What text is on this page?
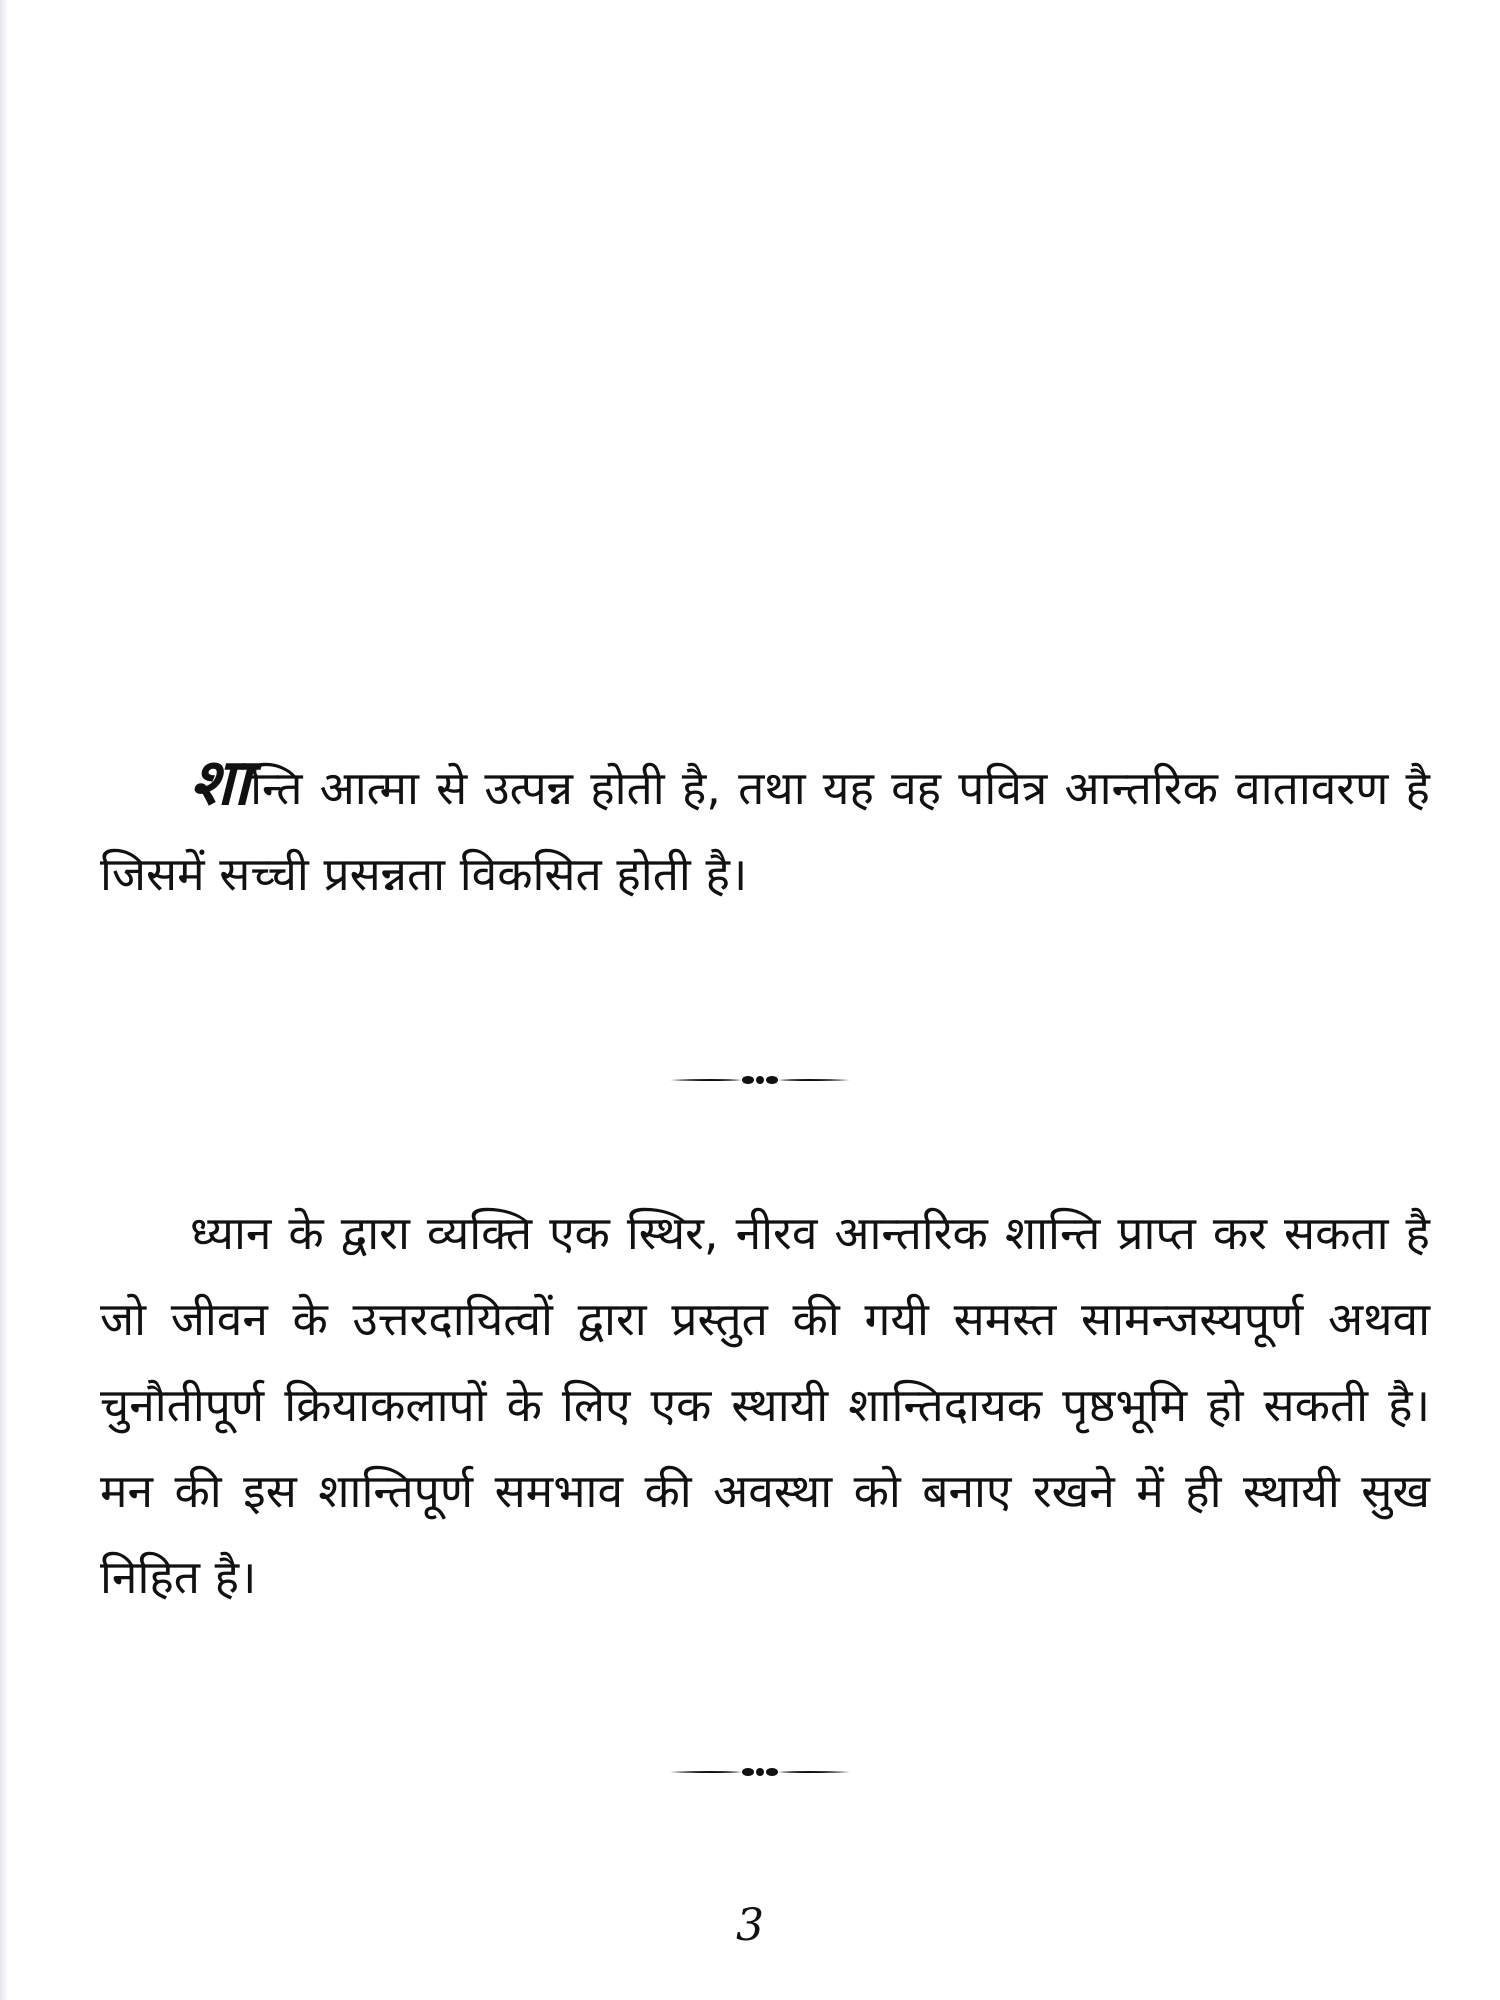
शान्ति आत्मा से उत्पन्न होती है, तथा यह वह पवित्र आन्तरिक वातावरण है जिसमें सच्ची प्रसन्नता विकसित होती है।

ध्यान के द्वारा व्यक्ति एक स्थिर, नीरव आन्तरिक शान्ति प्राप्त कर सकता है जो जीवन के उत्तरदायित्वों द्वारा प्रस्तुत की गयी समस्त सामन्जस्यपूर्ण अथवा चुनौतीपूर्ण क्रियाकलापों के लिए एक स्थायी शान्तिदायक पृष्ठभूमि हो सकती है। मन की इस शान्तिपूर्ण समभाव की अवस्था को बनाए रखने में ही स्थायी सुख निहित है।

3
